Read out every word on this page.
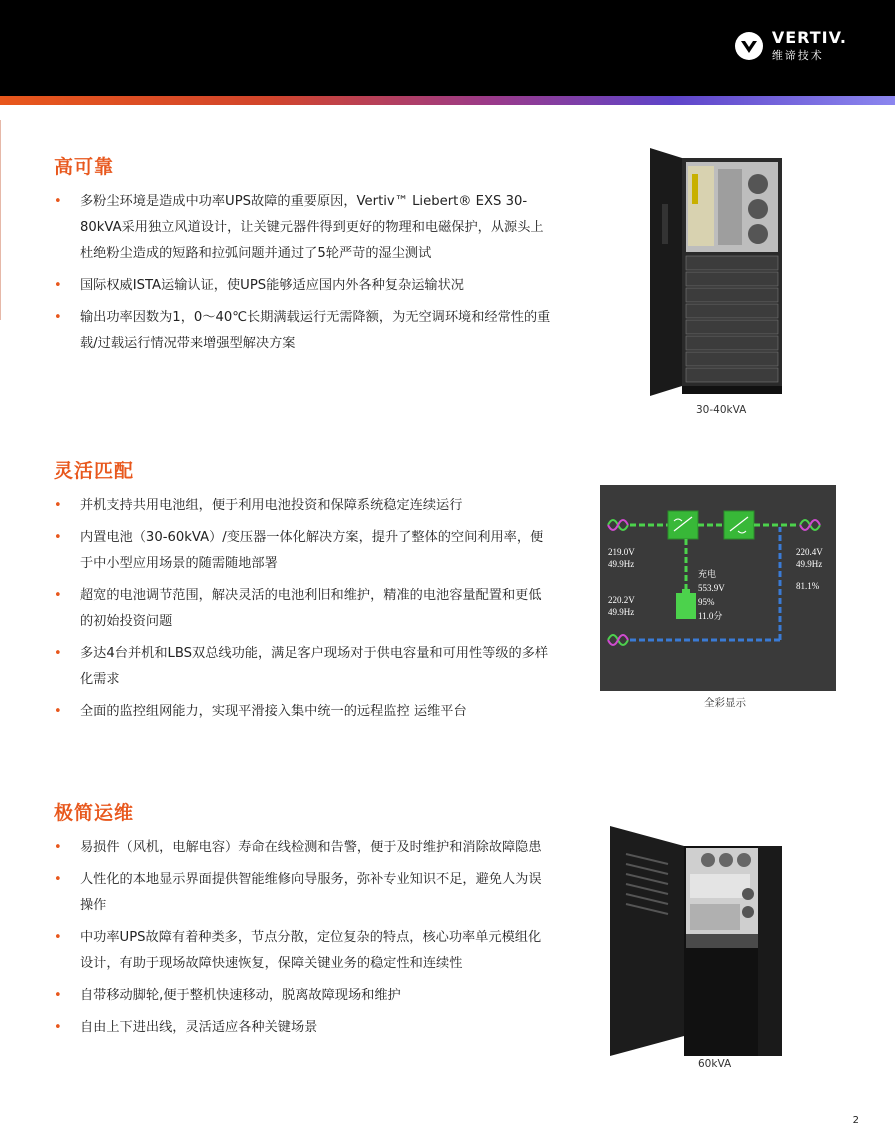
VERTIV.
维谛技术
高可靠
• 多粉尘环境是造成中功率UPS故障的重要原因，Vertiv™ Liebert® EXS 30-80kVA采用独立风道设计，让关键元器件得到更好的物理和电磁保护，从源头上杜绝粉尘造成的短路和拉弧问题并通过了5轮严苛的湿尘测试
• 国际权威ISTA运输认证，使UPS能够适应国内外各种复杂运输状况
• 输出功率因数为1，0～40℃长期满载运行无需降额，为无空调环境和经常性的重载/过载运行情况带来增强型解决方案
30-40kVA
灵活匹配
• 并机支持共用电池组，便于利用电池投资和保障系统稳定连续运行
• 内置电池（30-60kVA）/变压器一体化解决方案，提升了整体的空间利用率，便于中小型应用场景的随需随地部署
• 超宽的电池调节范围，解决灵活的电池利旧和维护，精准的电池容量配置和更低的初始投资问题
• 多达4台并机和LBS双总线功能，满足客户现场对于供电容量和可用性等级的多样化需求
• 全面的监控组网能力，实现平滑接入集中统一的远程监控 运维平台
219.0V
49.9Hz
220.2V
49.9Hz
220.4V
49.9Hz
81.1%
充电
553.9V
95%
11.0分
全彩显示
极简运维
• 易损件（风机，电解电容）寿命在线检测和告警，便于及时维护和消除故障隐患
• 人性化的本地显示界面提供智能维修向导服务，弥补专业知识不足，避免人为误操作
• 中功率UPS故障有着种类多，节点分散，定位复杂的特点，核心功率单元模组化设计，有助于现场故障快速恢复，保障关键业务的稳定性和连续性
• 自带移动脚轮,便于整机快速移动，脱离故障现场和维护
• 自由上下进出线，灵活适应各种关键场景
60kVA
2
